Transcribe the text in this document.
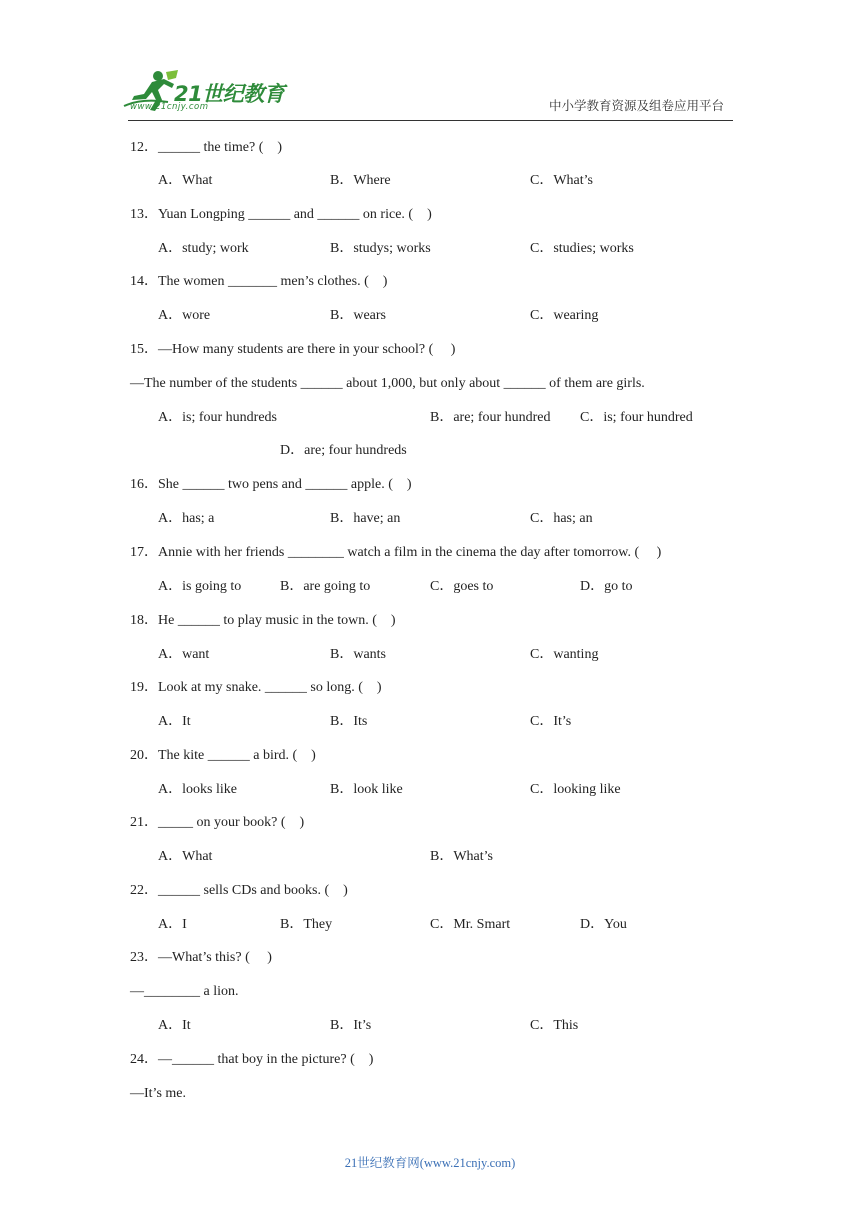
21世纪教育
www.21cnjy.com	中小学教育资源及组卷应用平台
12．______ the time? (　)
A．What	B．Where	C．What’s
13．Yuan Longping ______ and ______ on rice. (　)
A．study; work	B．studys; works	C．studies; works
14．The women _______ men’s clothes. (　)
A．wore	B．wears	C．wearing
15．—How many students are there in your school? (　 )
—The number of the students ______ about 1,000, but only about ______ of them are girls.
A．is; four hundreds	B．are; four hundred C．is; four hundred
D．are; four hundreds
16．She ______ two pens and ______ apple. (　)
A．has; a	B．have; an	C．has; an
17．Annie with her friends ________ watch a film in the cinema the day after tomorrow. (　 )
A．is going to	B．are going to	C．goes to	D．go to
18．He ______ to play music in the town. (　)
A．want	B．wants	C．wanting
19．Look at my snake. ______ so long. (　)
A．It	B．Its	C．It’s
20．The kite ______ a bird. (　)
A．looks like	B．look like	C．looking like
21．_____ on your book? (　)
A．What	B．What’s
22．______ sells CDs and books. (　)
A．I	B．They	C．Mr. Smart	D．You
23．—What’s this? (　 )
—________ a lion.
A．It	B．It’s	C．This
24．—______ that boy in the picture? (　)
—It’s me.
21世纪教育网(www.21cnjy.com)
